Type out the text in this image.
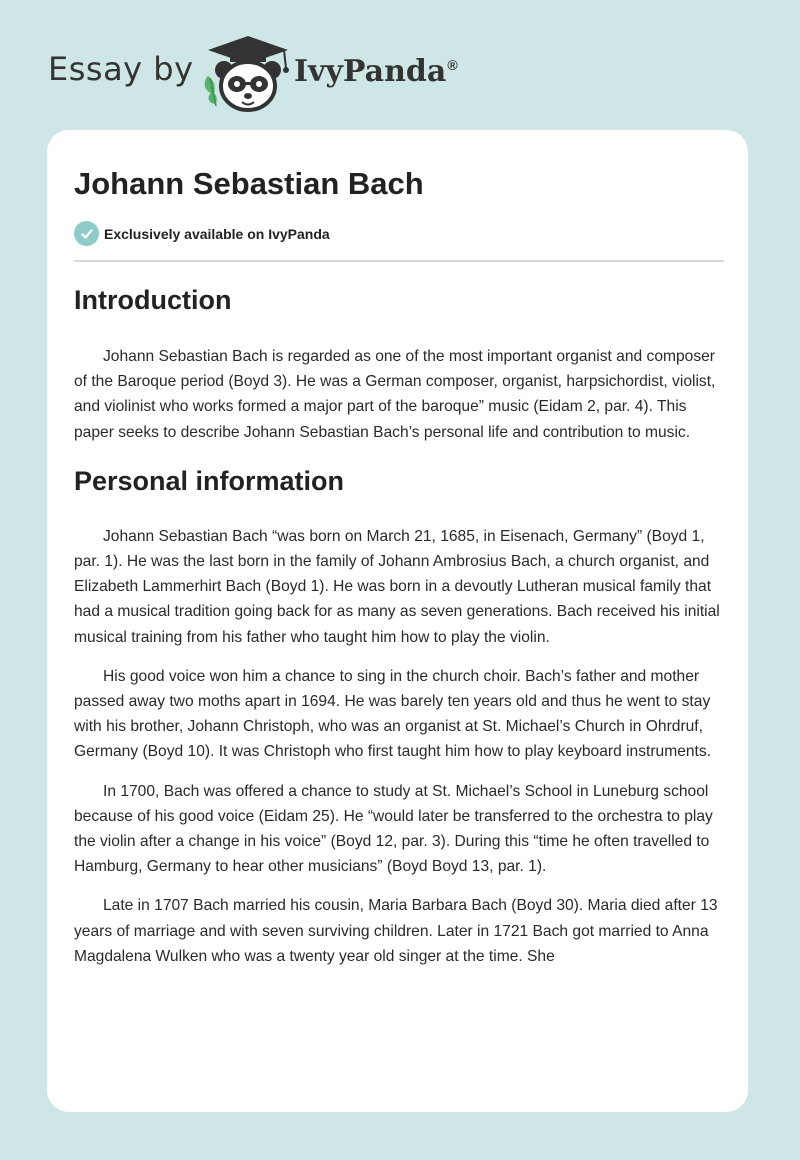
Essay by	IvyPanda®
Johann Sebastian Bach
Exclusively available on IvyPanda
Introduction

Johann Sebastian Bach is regarded as one of the most important organist and composer of the Baroque period (Boyd 3). He was a German composer, organist, harpsichordist, violist, and violinist who works formed a major part of the baroque” music (Eidam 2, par. 4). This paper seeks to describe Johann Sebastian Bach’s personal life and contribution to music.

Personal information

Johann Sebastian Bach “was born on March 21, 1685, in Eisenach, Germany” (Boyd 1, par. 1). He was the last born in the family of Johann Ambrosius Bach, a church organist, and Elizabeth Lammerhirt Bach (Boyd 1). He was born in a devoutly Lutheran musical family that had a musical tradition going back for as many as seven generations. Bach received his initial musical training from his father who taught him how to play the violin.

His good voice won him a chance to sing in the church choir. Bach’s father and mother passed away two moths apart in 1694. He was barely ten years old and thus he went to stay with his brother, Johann Christoph, who was an organist at St. Michael’s Church in Ohrdruf, Germany (Boyd 10). It was Christoph who first taught him how to play keyboard instruments.

In 1700, Bach was offered a chance to study at St. Michael’s School in Luneburg school because of his good voice (Eidam 25). He “would later be transferred to the orchestra to play the violin after a change in his voice” (Boyd 12, par. 3). During this “time he often travelled to Hamburg, Germany to hear other musicians” (Boyd Boyd 13, par. 1).

Late in 1707 Bach married his cousin, Maria Barbara Bach (Boyd 30). Maria died after 13 years of marriage and with seven surviving children. Later in 1721 Bach got married to Anna Magdalena Wulken who was a twenty year old singer at the time. She
